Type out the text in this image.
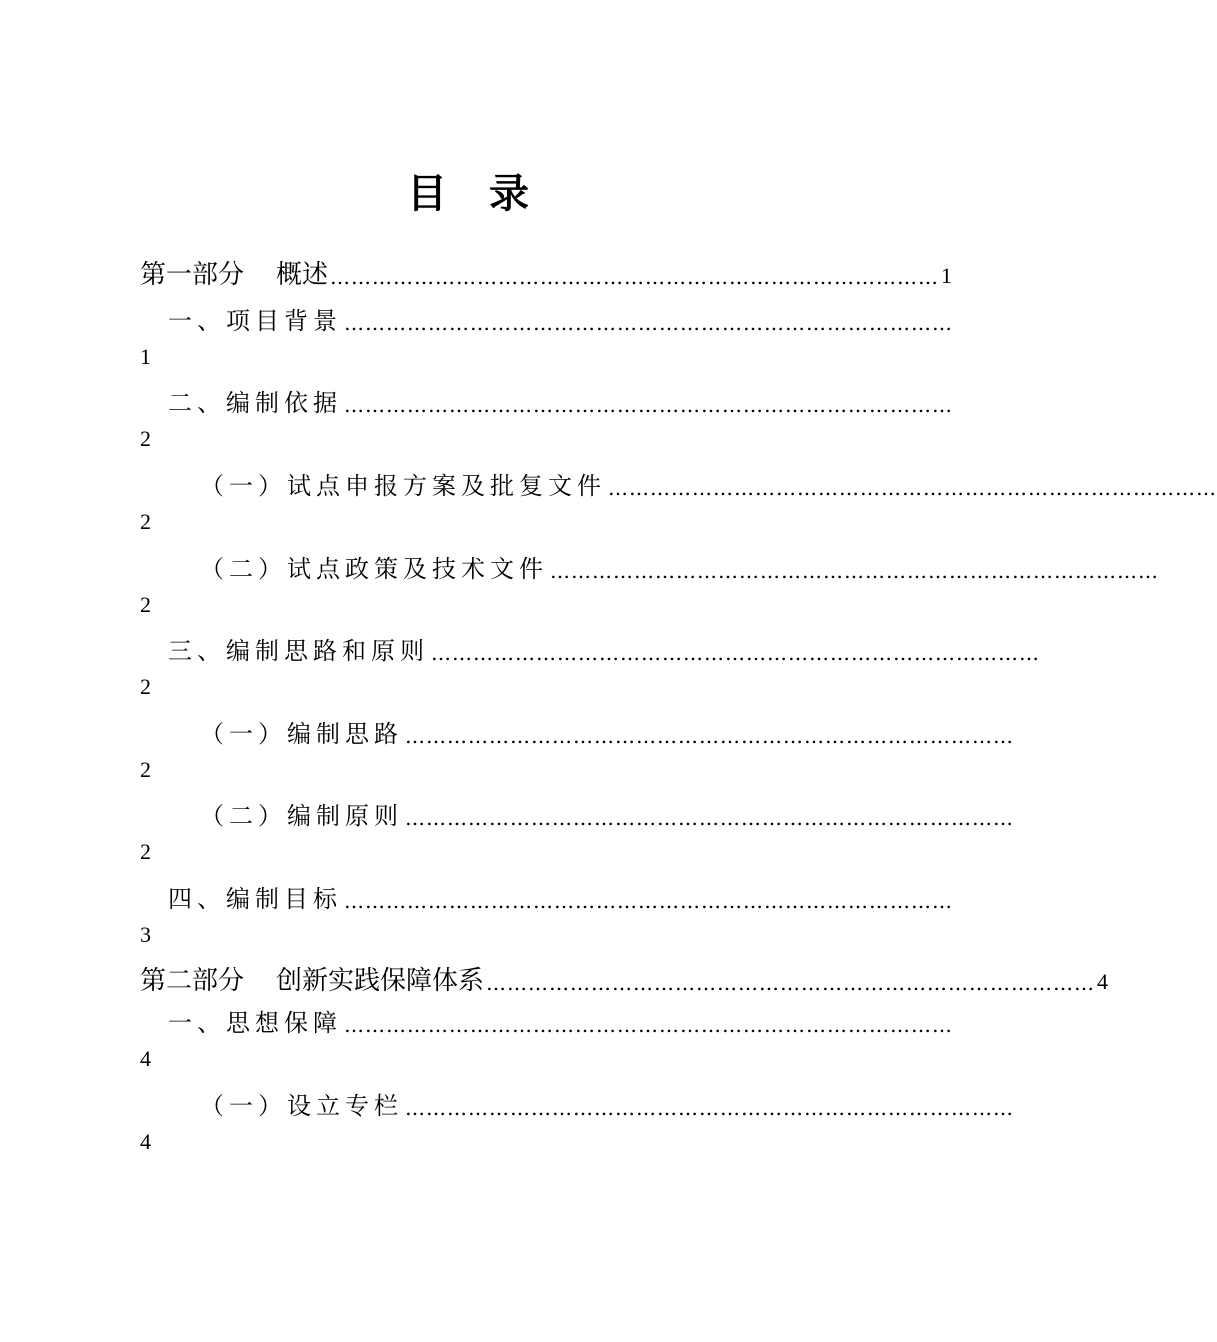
目 录
第一部分 概述 …………………………………………………………………………… 1
一、项目背景 ……………………………………………………………………………
1
二、编制依据 ……………………………………………………………………………
2
（一）试点申报方案及批复文件 ……………………………………………………………………………
2
（二）试点政策及技术文件 ……………………………………………………………………………
2
三、编制思路和原则 ……………………………………………………………………………
2
（一）编制思路 ……………………………………………………………………………
2
（二）编制原则 ……………………………………………………………………………
2
四、编制目标 ……………………………………………………………………………
3
第二部分 创新实践保障体系 …………………………………………………………………………… 4
一、思想保障 ……………………………………………………………………………
4
（一）设立专栏 ……………………………………………………………………………
4
